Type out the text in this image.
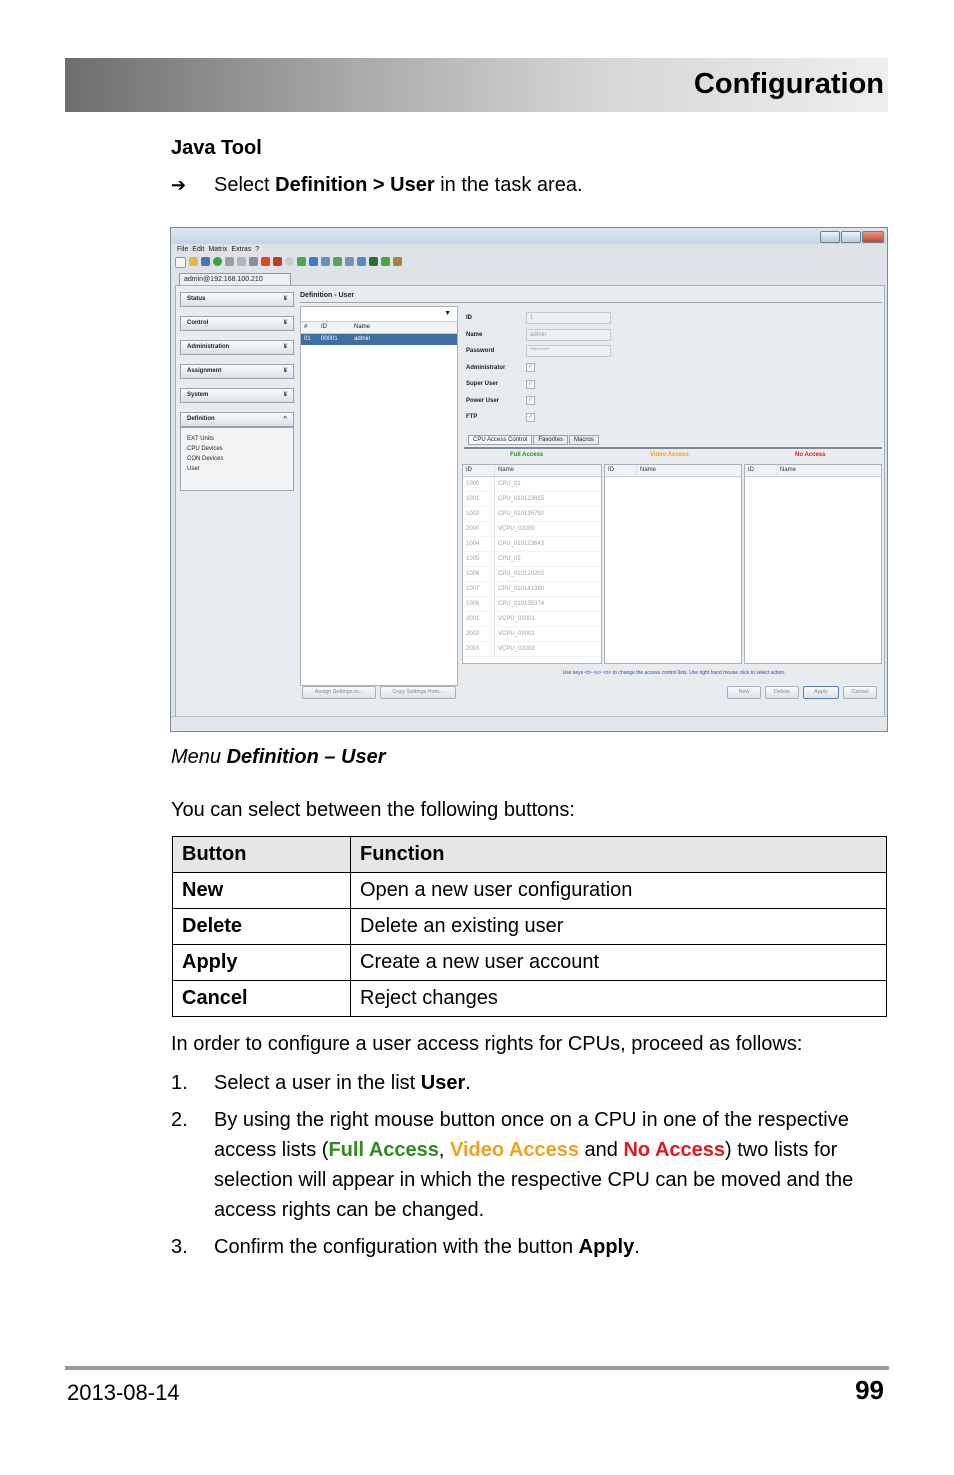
Configuration
Java Tool
➔ Select Definition > User in the task area.
File Edit Matrix Extras ?
admin@192.168.100.210
Status	¥
Control	¥
Administration	¥
Assignment	¥
System	¥
Definition	^
EXT Units
CPU Devices
CON Devices
User
Definition - User
▼
#	ID	Name
01	00001	admin
ID	1
Name	admin
Password	********
Administrator	✓
Super User	✓
Power User	✓
FTP	✓
CPU Access Control	Favorites	Macros
Full Access	Video Access	No Access
ID	Name
1000	CPU_01
1001	CPU_010123615
1002	CPU_010135792
2000	VCPU_02000
1004	CPU_010123643
1005	CPU_02
1006	CPU_010129202
1007	CPU_010141380
1008	CPU_010135374
2001	VCPU_02001
2002	VCPU_02002
2003	VCPU_02003
ID	Name	ID	Name
Use keys <f> <v> <n> to change the access control lists. Use right hand mouse click to select action.
Assign Settings to...	Copy Settings from...	New	Delete	Apply	Cancel
Menu Definition – User
You can select between the following buttons:
Button	Function
New	Open a new user configuration
Delete	Delete an existing user
Apply	Create a new user account
Cancel	Reject changes
In order to configure a user access rights for CPUs, proceed as follows:
1.	Select a user in the list User.
2.	By using the right mouse button once on a CPU in one of the respective access lists (Full Access, Video Access and No Access) two lists for selection will appear in which the respective CPU can be moved and the access rights can be changed.
3.	Confirm the configuration with the button Apply.
2013-08-14	99
